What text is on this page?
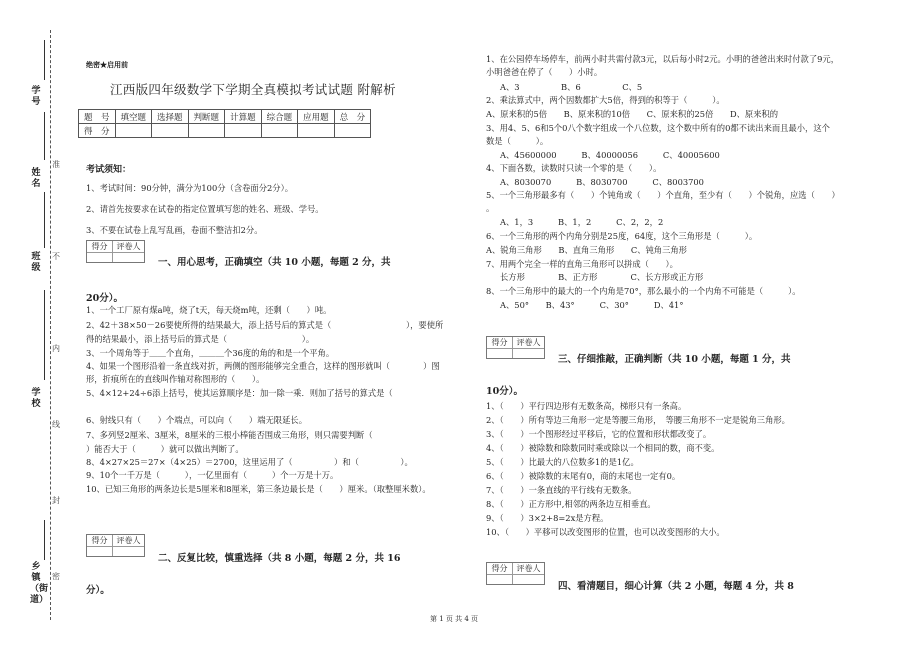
学号
姓名
准
班级
不
学校
内
线
封
乡镇（街道）
密
绝密★启用前
江西版四年级数学下学期全真模拟考试试题 附解析
题　号	填空题	选择题	判断题	计算题	综合题	应用题	总　分
得　分							
考试须知：
1、考试时间：90分钟，满分为100分（含卷面分2分）。
2、请首先按要求在试卷的指定位置填写您的姓名、班级、学号。
3、不要在试卷上乱写乱画，卷面不整洁扣2分。
得分	评卷人
一、用心思考，正确填空（共 10 小题，每题 2 分，共
20分）。
1、一个工厂原有煤a吨，烧了t天，每天烧m吨，还剩（　　）吨。
2、42＋38×50－26要使所得的结果最大，添上括号后的算式是（　　　　　　　　　），要使所
得的结果最小，添上括号后的算式是（　　　　　　　　　）。
3、一个周角等于＿＿个直角，＿＿＿个36度的角的和是一个平角。
4、如果一个图形沿着一条直线对折，两侧的图形能够完全重合，这样的图形就叫（　　　　）图
形，折痕所在的直线叫作轴对称图形的（　　）。
5、4×12+24÷6添上括号，使其运算顺序是：加一除一乘．则加了括号的算式是（
6、射线只有（　　）个端点，可以向（　　）端无限延长。
7、多列竖2厘米、3厘米，8厘米的三根小棒能否围成三角形，则只需要判断（
）能否大于（　　　）就可以做出判断了。
8、4×27×25＝27×（4×25）＝2700，这里运用了（　　　　　）和（　　　　　）。
9、10个一千万是（　　　），一亿里面有（　　　）个一万是十万。
10、已知三角形的两条边长是5厘米和8厘米，第三条边最长是（　　）厘米。（取整厘米数）。
得分	评卷人
二、反复比较，慎重选择（共 8 小题，每题 2 分，共 16
分）。
1、在公园停车场停车，前两小时共需付款3元，以后每小时2元。小明的爸爸出来时付款了9元，
小明爸爸在停了（　　）小时。
A、3　　　　　B、6　　　　　C、5
2、乘法算式中，两个因数都扩大5倍，得到的积等于（　　　）。
A、原来积的5倍　　B、原来积的10倍　　C、原来积的25倍　　D、原来积的
3、用4、5、6和5个0八个数字组成一个八位数，这个数中所有的0都不读出来而且最小，这个
数是（　　　）。
A、45600000　　　B、40000056　　　C、40005600
4、下面各数，读数时只读一个零的是（　　）。
A、8030070　　　B、8030700　　　C、8003700
5、一个三角形最多有（　　）个钝角或（　　）个直角，至少有（　　）个锐角，应选（　　）
。
A、1，3　　　B、1，2　　　C、2，2，2
6、一个三角形的两个内角分别是25度，64度，这个三角形是（　　　）。
A、锐角三角形　　B、直角三角形　　C、钝角三角形
7、用两个完全一样的直角三角形可以拼成（　　）。
长方形　　　　B、正方形　　　　C、长方形或正方形
8、一个三角形中的最大的一个内角是70°，那么最小的一个内角不可能是（　　　）。
A、50°　　B、43°　　　C、30°　　　D、41°
得分	评卷人
三、仔细推敲，正确判断（共 10 小题，每题 1 分，共
10分）。
1、（　　）平行四边形有无数条高，梯形只有一条高。
2、（　　）所有等边三角形一定是等腰三角形，　等腰三角形不一定是锐角三角形。
3、（　　）一个图形经过平移后，它的位置和形状都改变了。
4、（　　）被除数和除数同时乘或除以一个相同的数，商不变。
5、（　　）比最大的八位数多1的是1亿。
6、（　　）被除数的末尾有0，商的末尾也一定有0。
7、（　　）一条直线的平行线有无数条。
8、（　　）正方形中,相邻的两条边互相垂直。
9、（　　）3×2+8=2x是方程。
10、（　　）平移可以改变图形的位置，也可以改变图形的大小。
得分	评卷人
四、看清题目，细心计算（共 2 小题，每题 4 分，共 8
第 1 页 共 4 页
